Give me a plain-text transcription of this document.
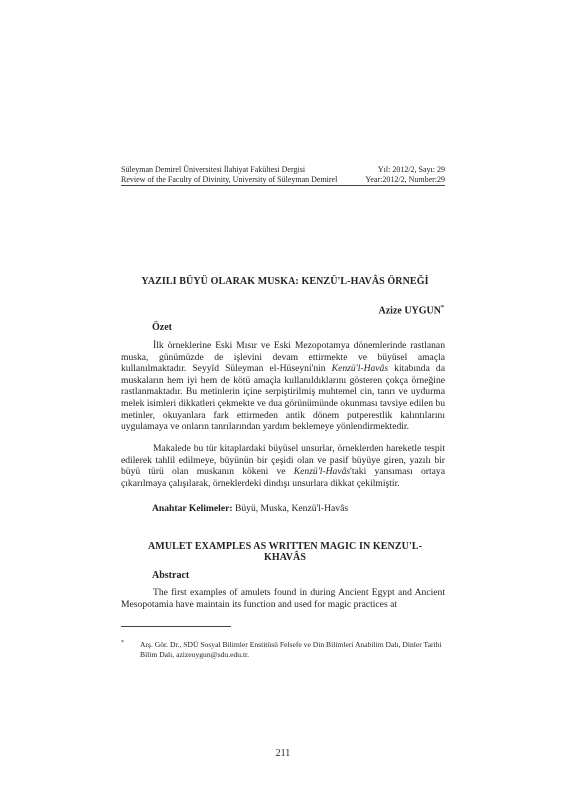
Süleyman Demirel Üniversitesi İlahiyat Fakültesi Dergisi	Yıl: 2012/2, Sayı: 29
Review of the Faculty of Divinity, University of Süleyman Demirel	Year:2012/2, Number:29
YAZILI BÜYÜ OLARAK MUSKA: KENZÜ'L-HAVÂS ÖRNEĞİ
Azize UYGUN*
Özet

İlk örneklerine Eski Mısır ve Eski Mezopotamya dönemlerinde rastlanan muska, günümüzde de işlevini devam ettirmekte ve büyüsel amaçla kullanılmaktadır. Seyyîd Süleyman el-Hüseyni'nin Kenzü'l-Havâs kitabında da muskaların hem iyi hem de kötü amaçla kullanıldıklarını gösteren çokça örneğine rastlanmaktadır. Bu metinlerin içine serpiştirilmiş muhtemel cin, tanrı ve uydurma melek isimleri dikkatleri çekmekte ve dua görünümünde okunması tavsiye edilen bu metinler, okuyanlara fark ettirmeden antik dönem putperestlik kalıntılarını uygulamaya ve onların tanrılarından yardım beklemeye yönlendirmektedir.

Makalede bu tür kitaplardaki büyüsel unsurlar, örneklerden hareketle tespit edilerek tahlil edilmeye, büyünün bir çeşidi olan ve pasif büyüye giren, yazılı bir büyü türü olan muskanın kökeni ve Kenzü'l-Havâs'taki yansıması ortaya çıkarılmaya çalışılarak, örneklerdeki dindışı unsurlara dikkat çekilmiştir.

Anahtar Kelimeler: Büyü, Muska, Kenzü'l-Havâs
AMULET EXAMPLES AS WRITTEN MAGIC IN KENZU'L-KHAVÂS
Abstract

The first examples of amulets found in during Ancient Egypt and Ancient Mesopotamia have maintain its function and used for magic practices at

*	Arş. Gör. Dr., SDÜ Sosyal Bilimler Enstitüsü Felsefe ve Din Bilimleri Anabilim Dalı, Dinler Tarihi Bilim Dalı, azizeuygun@sdu.edu.tr.
211
